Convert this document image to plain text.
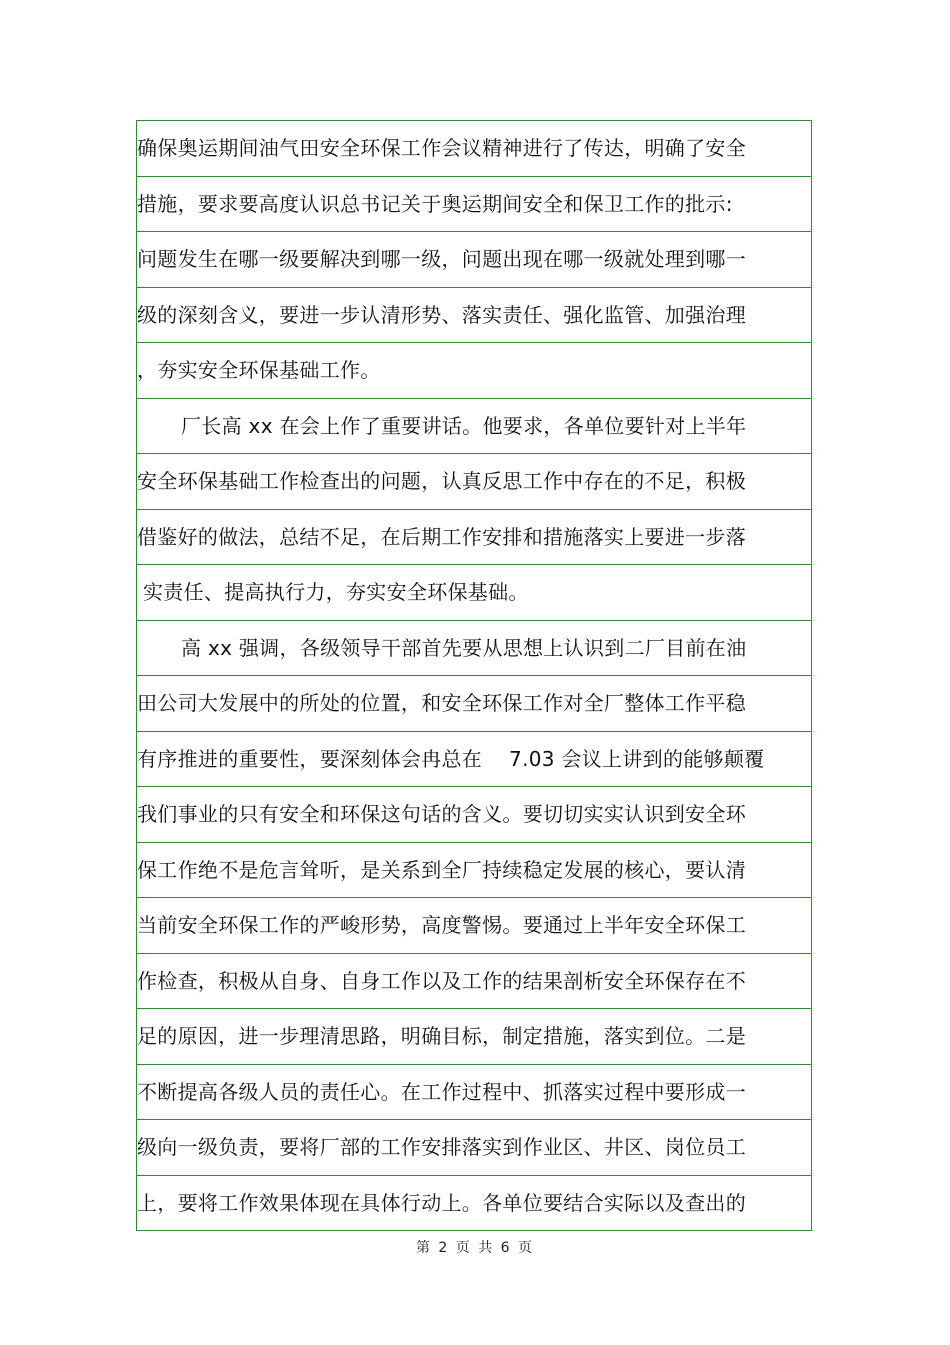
确保奥运期间油气田安全环保工作会议精神进行了传达，明确了安全
措施，要求要高度认识总书记关于奥运期间安全和保卫工作的批示:
问题发生在哪一级要解决到哪一级，问题出现在哪一级就处理到哪一
级的深刻含义，要进一步认清形势、落实责任、强化监管、加强治理
，夯实安全环保基础工作。
厂长高 xx 在会上作了重要讲话。他要求，各单位要针对上半年
安全环保基础工作检查出的问题，认真反思工作中存在的不足，积极
借鉴好的做法，总结不足，在后期工作安排和措施落实上要进一步落
实责任、提高执行力，夯实安全环保基础。
高 xx 强调，各级领导干部首先要从思想上认识到二厂目前在油
田公司大发展中的所处的位置，和安全环保工作对全厂整体工作平稳
有序推进的重要性，要深刻体会冉总在　 7.03 会议上讲到的能够颠覆
我们事业的只有安全和环保这句话的含义。要切切实实认识到安全环
保工作绝不是危言耸听，是关系到全厂持续稳定发展的核心，要认清
当前安全环保工作的严峻形势，高度警惕。要通过上半年安全环保工
作检查，积极从自身、自身工作以及工作的结果剖析安全环保存在不
足的原因，进一步理清思路，明确目标，制定措施，落实到位。二是
不断提高各级人员的责任心。在工作过程中、抓落实过程中要形成一
级向一级负责，要将厂部的工作安排落实到作业区、井区、岗位员工
上，要将工作效果体现在具体行动上。各单位要结合实际以及查出的
第 2 页 共 6 页
